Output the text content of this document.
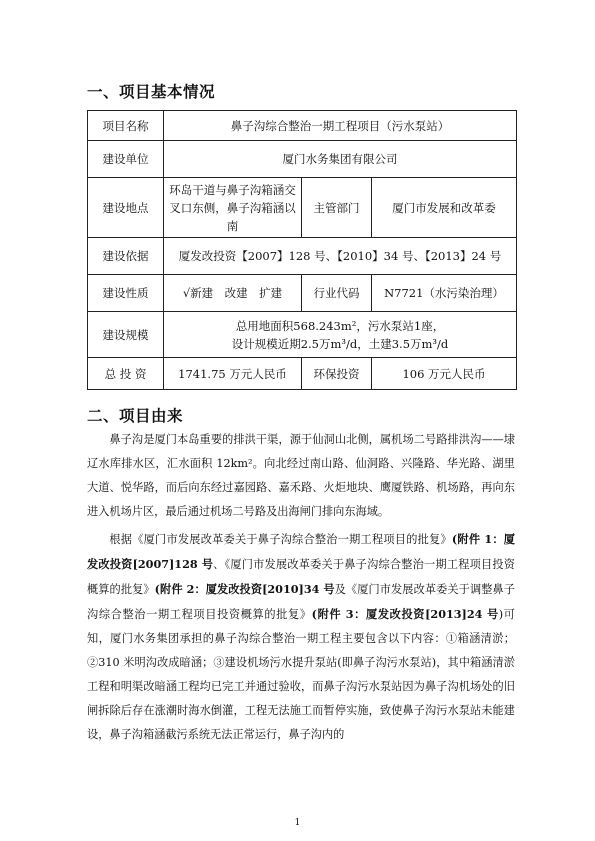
一、项目基本情况
项目名称	鼻子沟综合整治一期工程项目（污水泵站）		
建设单位	厦门水务集团有限公司		
建设地点	环岛干道与鼻子沟箱涵交叉口东侧，鼻子沟箱涵以南	主管部门	厦门市发展和改革委
建设依据	厦发改投资【2007】128 号、【2010】34 号、【2013】24 号		
建设性质	√新建　改建　扩建	行业代码	N7721（水污染治理）
建设规模	总用地面积568.243m²，污水泵站1座，
设计规模近期2.5万m³/d，土建3.5万m³/d		

总 投 资	1741.75 万元人民币	环保投资	106 万元人民币
二、项目由来

鼻子沟是厦门本岛重要的排洪干渠，源于仙洞山北侧，属机场二号路排洪沟——埭辽水库排水区，汇水面积 12km²。向北经过南山路、仙洞路、兴隆路、华光路、湖里大道、悦华路，而后向东经过嘉园路、嘉禾路、火炬地块、鹰厦铁路、机场路，再向东进入机场片区，最后通过机场二号路及出海闸门排向东海域。

根据《厦门市发展改革委关于鼻子沟综合整治一期工程项目的批复》(附件 1：厦发改投资[2007]128 号、《厦门市发展改革委关于鼻子沟综合整治一期工程项目投资概算的批复》(附件 2：厦发改投资[2010]34 号及《厦门市发展改革委关于调整鼻子沟综合整治一期工程项目投资概算的批复》(附件 3：厦发改投资[2013]24 号)可知，厦门水务集团承担的鼻子沟综合整治一期工程主要包含以下内容：①箱涵清淤；②310 米明沟改成暗涵；③建设机场污水提升泵站(即鼻子沟污水泵站)，其中箱涵清淤工程和明渠改暗涵工程均已完工并通过验收，而鼻子沟污水泵站因为鼻子沟机场处的旧闸拆除后存在涨潮时海水倒灌，工程无法施工而暂停实施，致使鼻子沟污水泵站未能建设，鼻子沟箱涵截污系统无法正常运行，鼻子沟内的

1
